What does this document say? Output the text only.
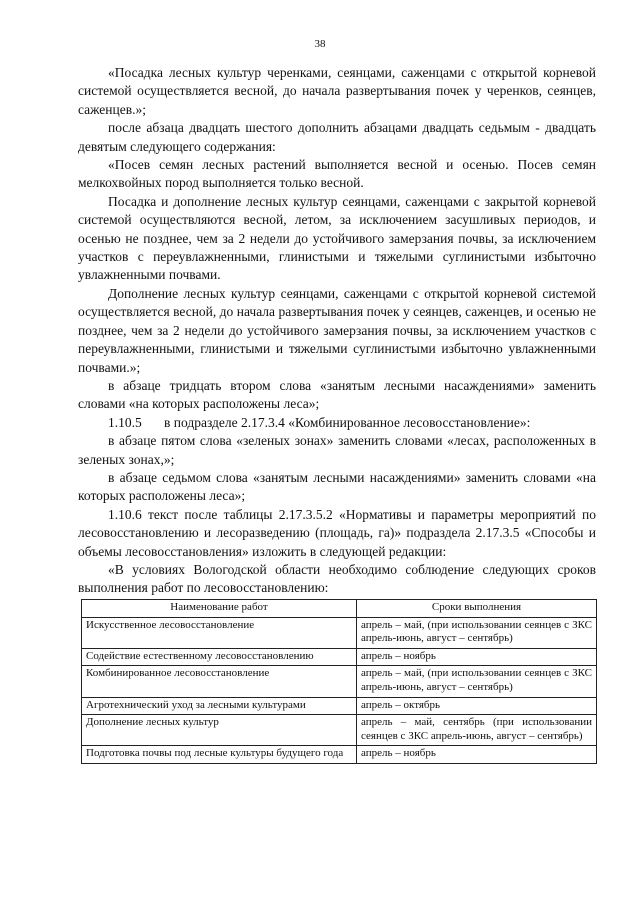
38

«Посадка лесных культур черенками, сеянцами, саженцами с открытой корневой системой осуществляется весной, до начала развертывания почек у черенков, сеянцев, саженцев.»;

после абзаца двадцать шестого дополнить абзацами двадцать седьмым - двадцать девятым следующего содержания:

«Посев семян лесных растений выполняется весной и осенью. Посев семян мелкохвойных пород выполняется только весной.

Посадка и дополнение лесных культур сеянцами, саженцами с закрытой корневой системой осуществляются весной, летом, за исключением засушливых периодов, и осенью не позднее, чем за 2 недели до устойчивого замерзания почвы, за исключением участков с переувлажненными, глинистыми и тяжелыми суглинистыми избыточно увлажненными почвами.

Дополнение лесных культур сеянцами, саженцами с открытой корневой системой осуществляется весной, до начала развертывания почек у сеянцев, саженцев, и осенью не позднее, чем за 2 недели до устойчивого замерзания почвы, за исключением участков с переувлажненными, глинистыми и тяжелыми суглинистыми избыточно увлажненными почвами.»;

в абзаце тридцать втором слова «занятым лесными насаждениями» заменить словами «на которых расположены леса»;

1.10.5	в подразделе 2.17.3.4 «Комбинированное лесовосстановление»:

в абзаце пятом слова «зеленых зонах» заменить словами «лесах, расположенных в зеленых зонах,»;

в абзаце седьмом слова «занятым лесными насаждениями» заменить словами «на которых расположены леса»;

1.10.6 текст после таблицы 2.17.3.5.2 «Нормативы и параметры мероприятий по лесовосстановлению и лесоразведению (площадь, га)» подраздела 2.17.3.5 «Способы и объемы лесовосстановления» изложить в следующей редакции:

«В условиях Вологодской области необходимо соблюдение следующих сроков выполнения работ по лесовосстановлению:

Наименование работ	Сроки выполнения
Искусственное лесовосстановление	апрель – май, (при использовании сеянцев с ЗКС апрель-июнь, август – сентябрь)
Содействие естественному лесовосстановлению	апрель – ноябрь
Комбинированное лесовосстановление	апрель – май, (при использовании сеянцев с ЗКС апрель-июнь, август – сентябрь)
Агротехнический уход за лесными культурами	апрель – октябрь
Дополнение лесных культур	апрель – май, сентябрь (при использовании сеянцев с ЗКС апрель-июнь, август – сентябрь)
Подготовка почвы под лесные культуры будущего года	апрель – ноябрь
